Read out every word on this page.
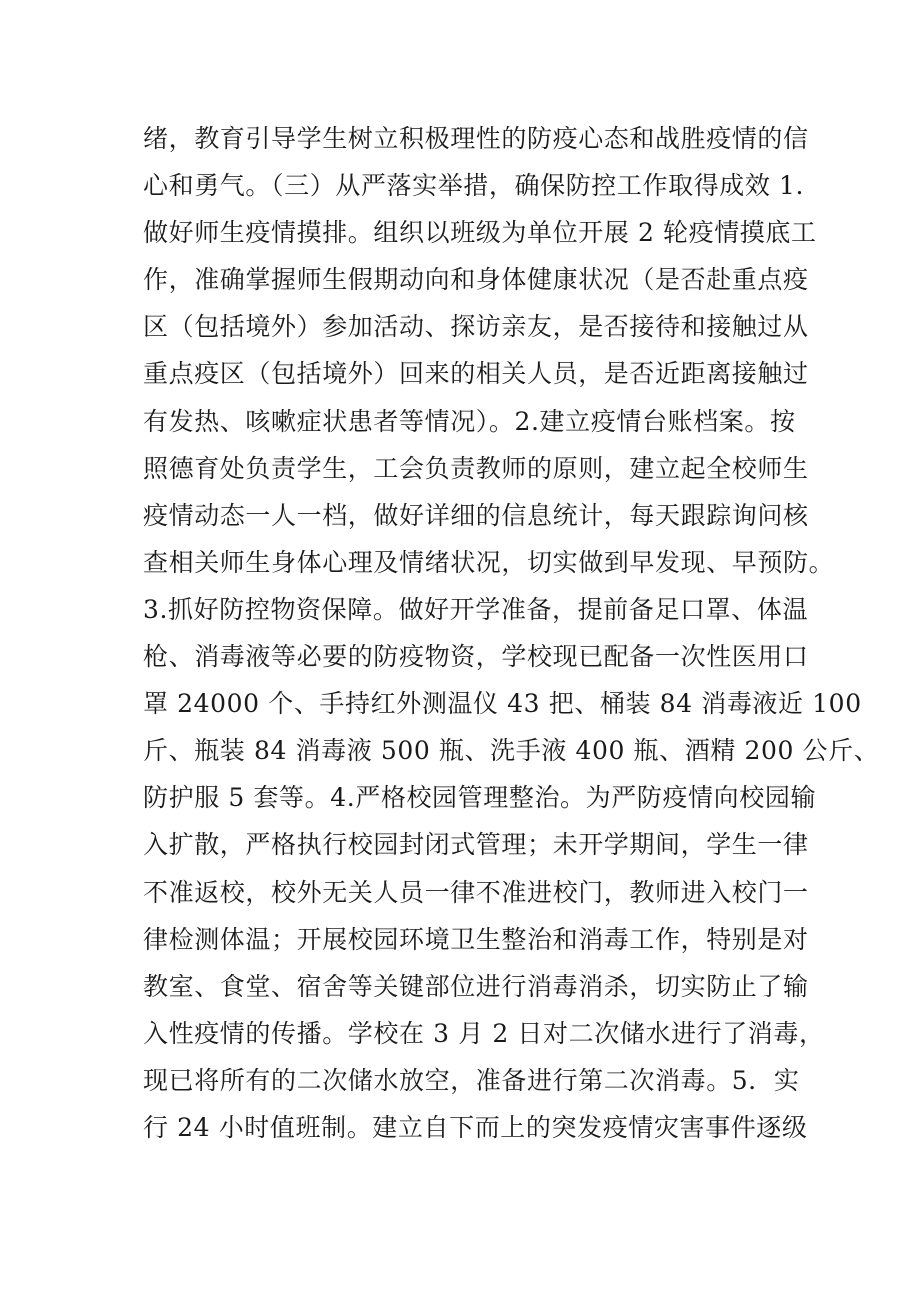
绪，教育引导学生树立积极理性的防疫心态和战胜疫情的信
心和勇气。（三）从严落实举措，确保防控工作取得成效 1.
做好师生疫情摸排。组织以班级为单位开展 2 轮疫情摸底工
作，准确掌握师生假期动向和身体健康状况（是否赴重点疫
区（包括境外）参加活动、探访亲友，是否接待和接触过从
重点疫区（包括境外）回来的相关人员，是否近距离接触过
有发热、咳嗽症状患者等情况）。2.建立疫情台账档案。按
照德育处负责学生，工会负责教师的原则，建立起全校师生
疫情动态一人一档，做好详细的信息统计，每天跟踪询问核
查相关师生身体心理及情绪状况，切实做到早发现、早预防。
3.抓好防控物资保障。做好开学准备，提前备足口罩、体温
枪、消毒液等必要的防疫物资，学校现已配备一次性医用口
罩 24000 个、手持红外测温仪 43 把、桶装 84 消毒液近 100
斤、瓶装 84 消毒液 500 瓶、洗手液 400 瓶、酒精 200 公斤、
防护服 5 套等。4.严格校园管理整治。为严防疫情向校园输
入扩散，严格执行校园封闭式管理；未开学期间，学生一律
不准返校，校外无关人员一律不准进校门，教师进入校门一
律检测体温；开展校园环境卫生整治和消毒工作，特别是对
教室、食堂、宿舍等关键部位进行消毒消杀，切实防止了输
入性疫情的传播。学校在 3 月 2 日对二次储水进行了消毒，
现已将所有的二次储水放空，准备进行第二次消毒。5．实
行 24 小时值班制。建立自下而上的突发疫情灾害事件逐级
